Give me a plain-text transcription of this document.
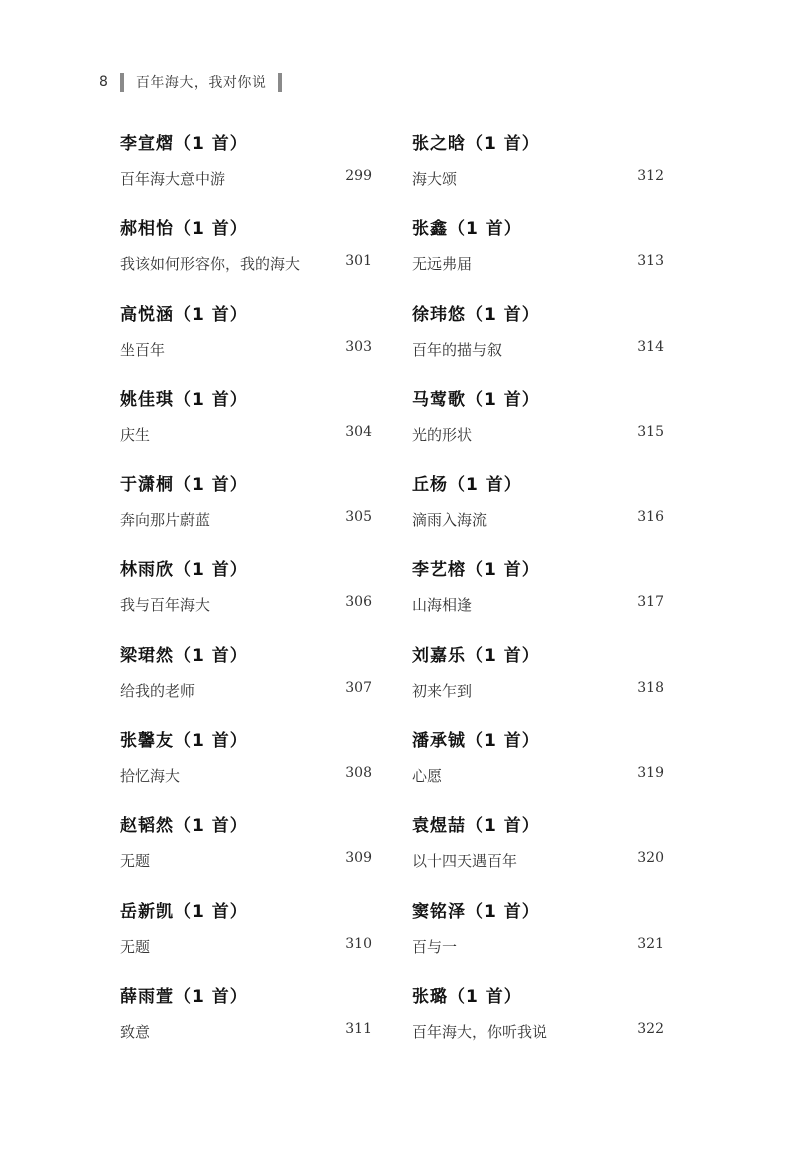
8 百年海大，我对你说
李宣熠（1 首）
百年海大意中游	299
郝相怡（1 首）
我该如何形容你，我的海大	301
高悦涵（1 首）
坐百年	303
姚佳琪（1 首）
庆生	304
于潇桐（1 首）
奔向那片蔚蓝	305
林雨欣（1 首）
我与百年海大	306
梁珺然（1 首）
给我的老师	307
张馨友（1 首）
拾忆海大	308
赵韬然（1 首）
无题	309
岳新凯（1 首）
无题	310
薛雨萱（1 首）
致意	311
张之晗（1 首）
海大颂	312
张鑫（1 首）
无远弗届	313
徐玮悠（1 首）
百年的描与叙	314
马莺歌（1 首）
光的形状	315
丘杨（1 首）
滴雨入海流	316
李艺榕（1 首）
山海相逢	317
刘嘉乐（1 首）
初来乍到	318
潘承铖（1 首）
心愿	319
袁煜喆（1 首）
以十四天遇百年	320
窦铭泽（1 首）
百与一	321
张璐（1 首）
百年海大，你听我说	322
